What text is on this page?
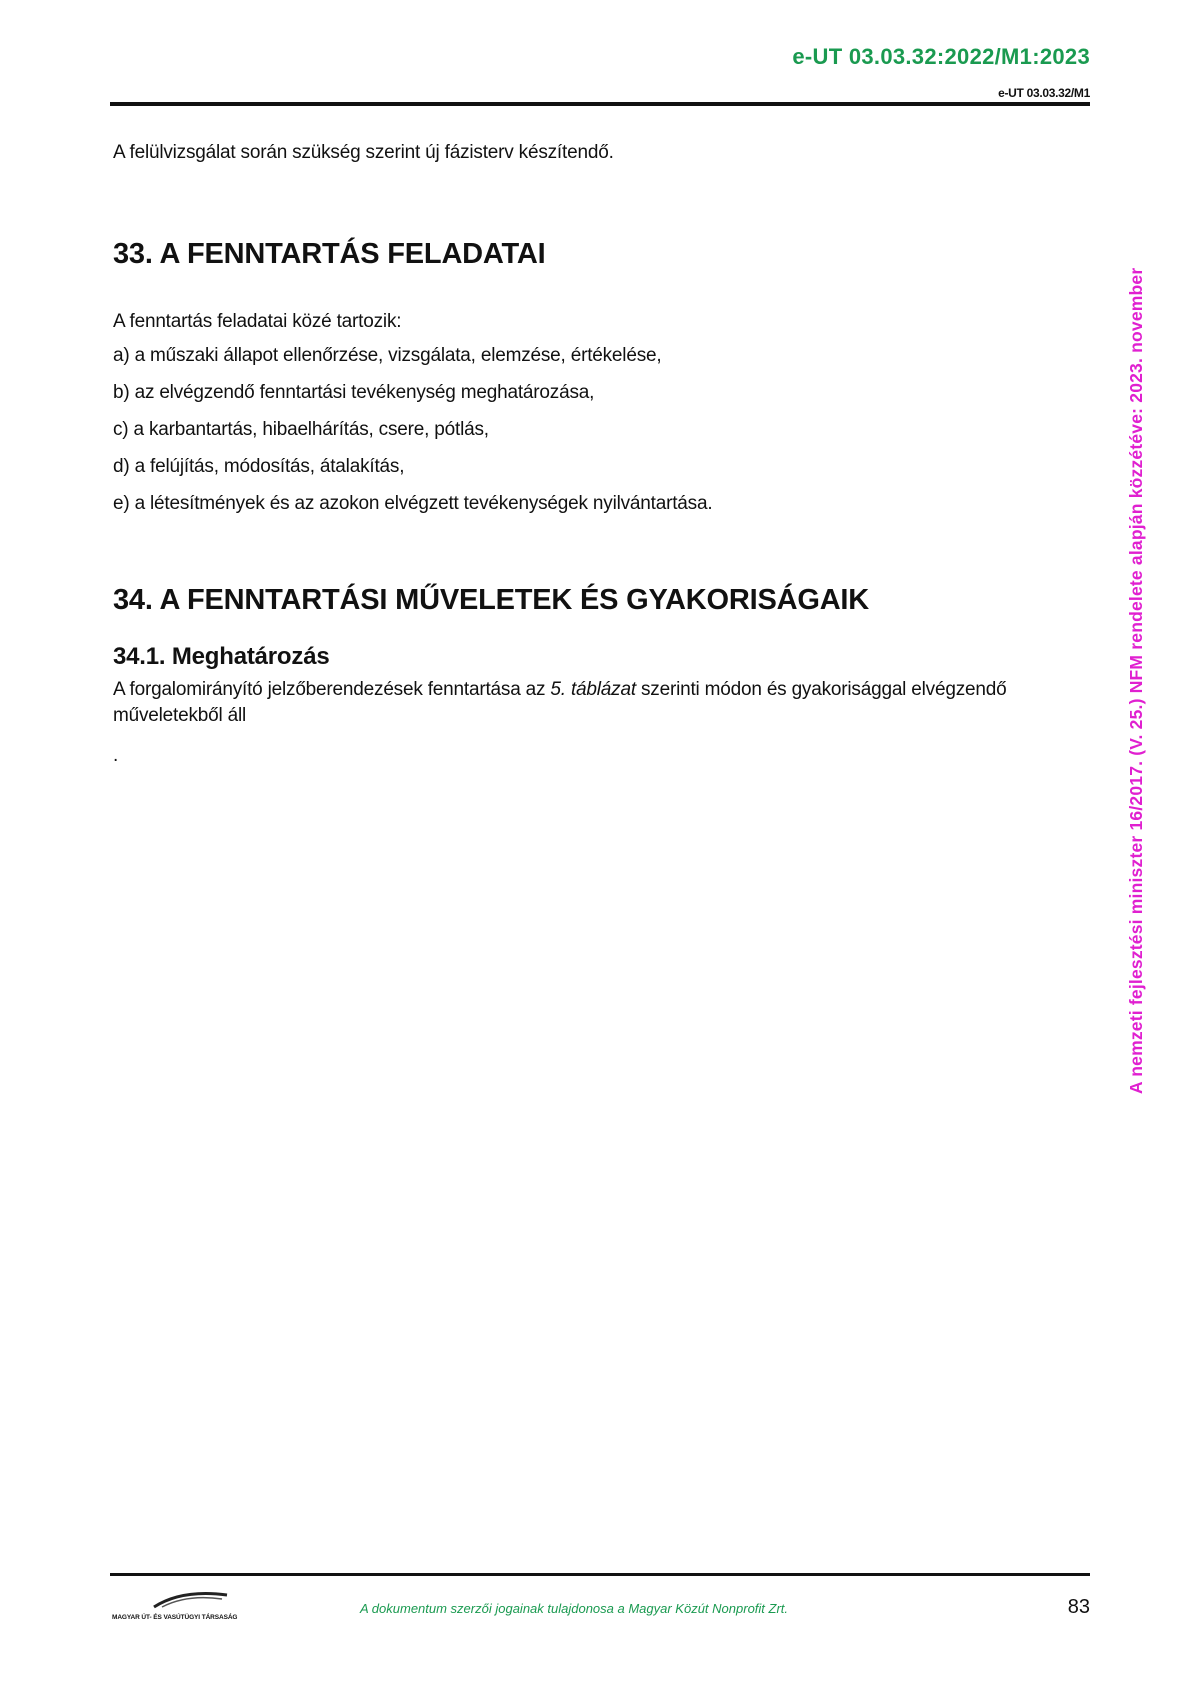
e-UT 03.03.32:2022/M1:2023
e-UT 03.03.32/M1

A felülvizsgálat során szükség szerint új fázisterv készítendő.

33. A FENNTARTÁS FELADATAI

A fenntartás feladatai közé tartozik:

a) a műszaki állapot ellenőrzése, vizsgálata, elemzése, értékelése,
b) az elvégzendő fenntartási tevékenység meghatározása,
c) a karbantartás, hibaelhárítás, csere, pótlás,
d) a felújítás, módosítás, átalakítás,
e) a létesítmények és az azokon elvégzett tevékenységek nyilvántartása.
34. A FENNTARTÁSI MŰVELETEK ÉS GYAKORISÁGAIK
34.1. Meghatározás

A forgalomirányító jelzőberendezések fenntartása az 5. táblázat szerinti módon és gyakorisággal elvégzendő műveletekből áll

.	A nemzeti fejlesztési miniszter 16/2017. (V. 25.) NFM rendelete alapján közzétéve: 2023. november
MAGYAR ÚT- ÉS VASÚTÜGYI TÁRSASÁG
A dokumentum szerzői jogainak tulajdonosa a Magyar Közút Nonprofit Zrt.	83
